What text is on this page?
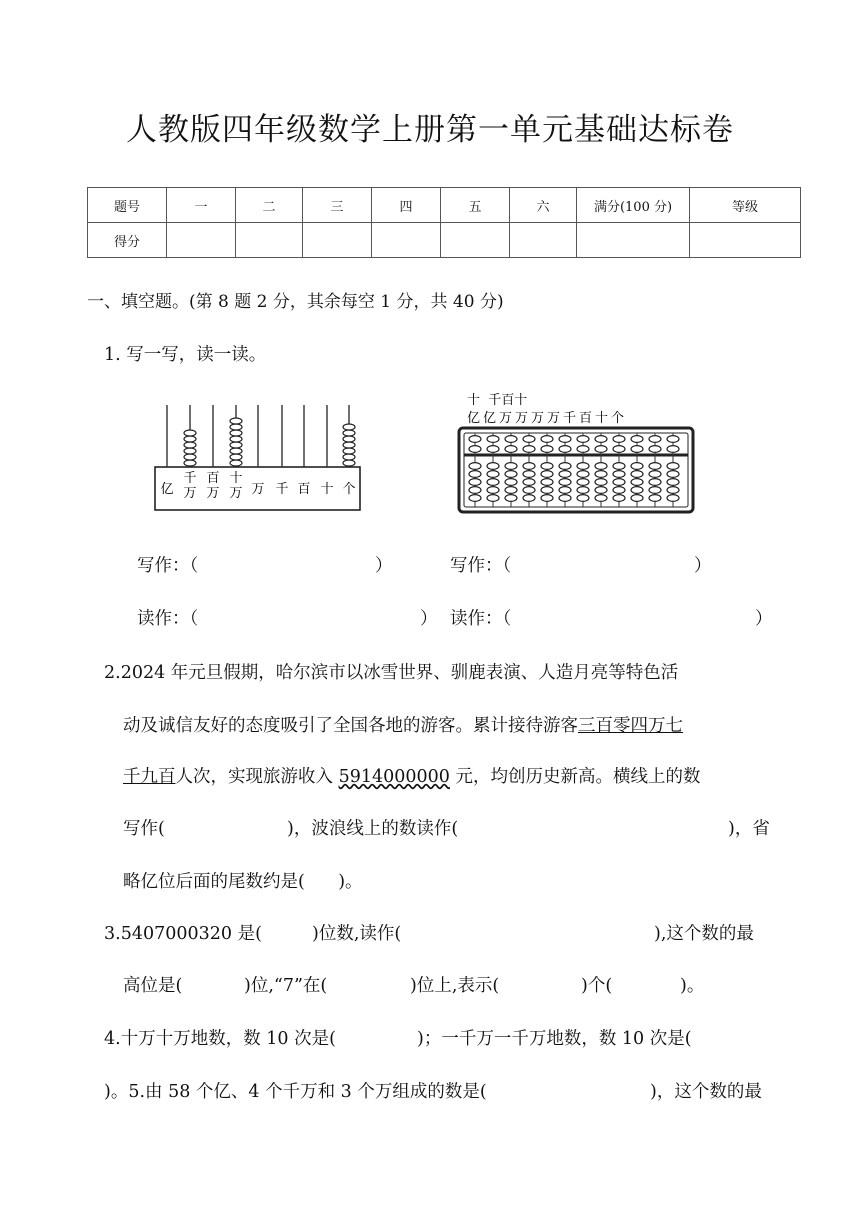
人教版四年级数学上册第一单元基础达标卷
题号	一	二	三	四	五	六	满分(100 分)	等级
得分								
一、填空题。(第 8 题 2 分，其余每空 1 分，共 40 分)
1. 写一写，读一读。
亿
千
万
百
万
十
万 万 千 百 十 个
十  千百十
亿亿万万万万千百十个
写作：（	）	写作：（	）
读作：（	） 读作：（	）
2.2024 年元旦假期，哈尔滨市以冰雪世界、驯鹿表演、人造月亮等特色活
动及诚信友好的态度吸引了全国各地的游客。累计接待游客三百零四万七
千九百人次，实现旅游收入 5914000000 元，均创历史新高。横线上的数
写作(	)，波浪线上的数读作(	)，省
略亿位后面的尾数约是(      )。
3.5407000320 是(	)位数,读作(	),这个数的最
高位是(	)位,“7”在(	)位上,表示(	)个(	)。
4.十万十万地数，数 10 次是(	)；一千万一千万地数，数 10 次是(
)。5.由 58 个亿、4 个千万和 3 个万组成的数是(	)，这个数的最
